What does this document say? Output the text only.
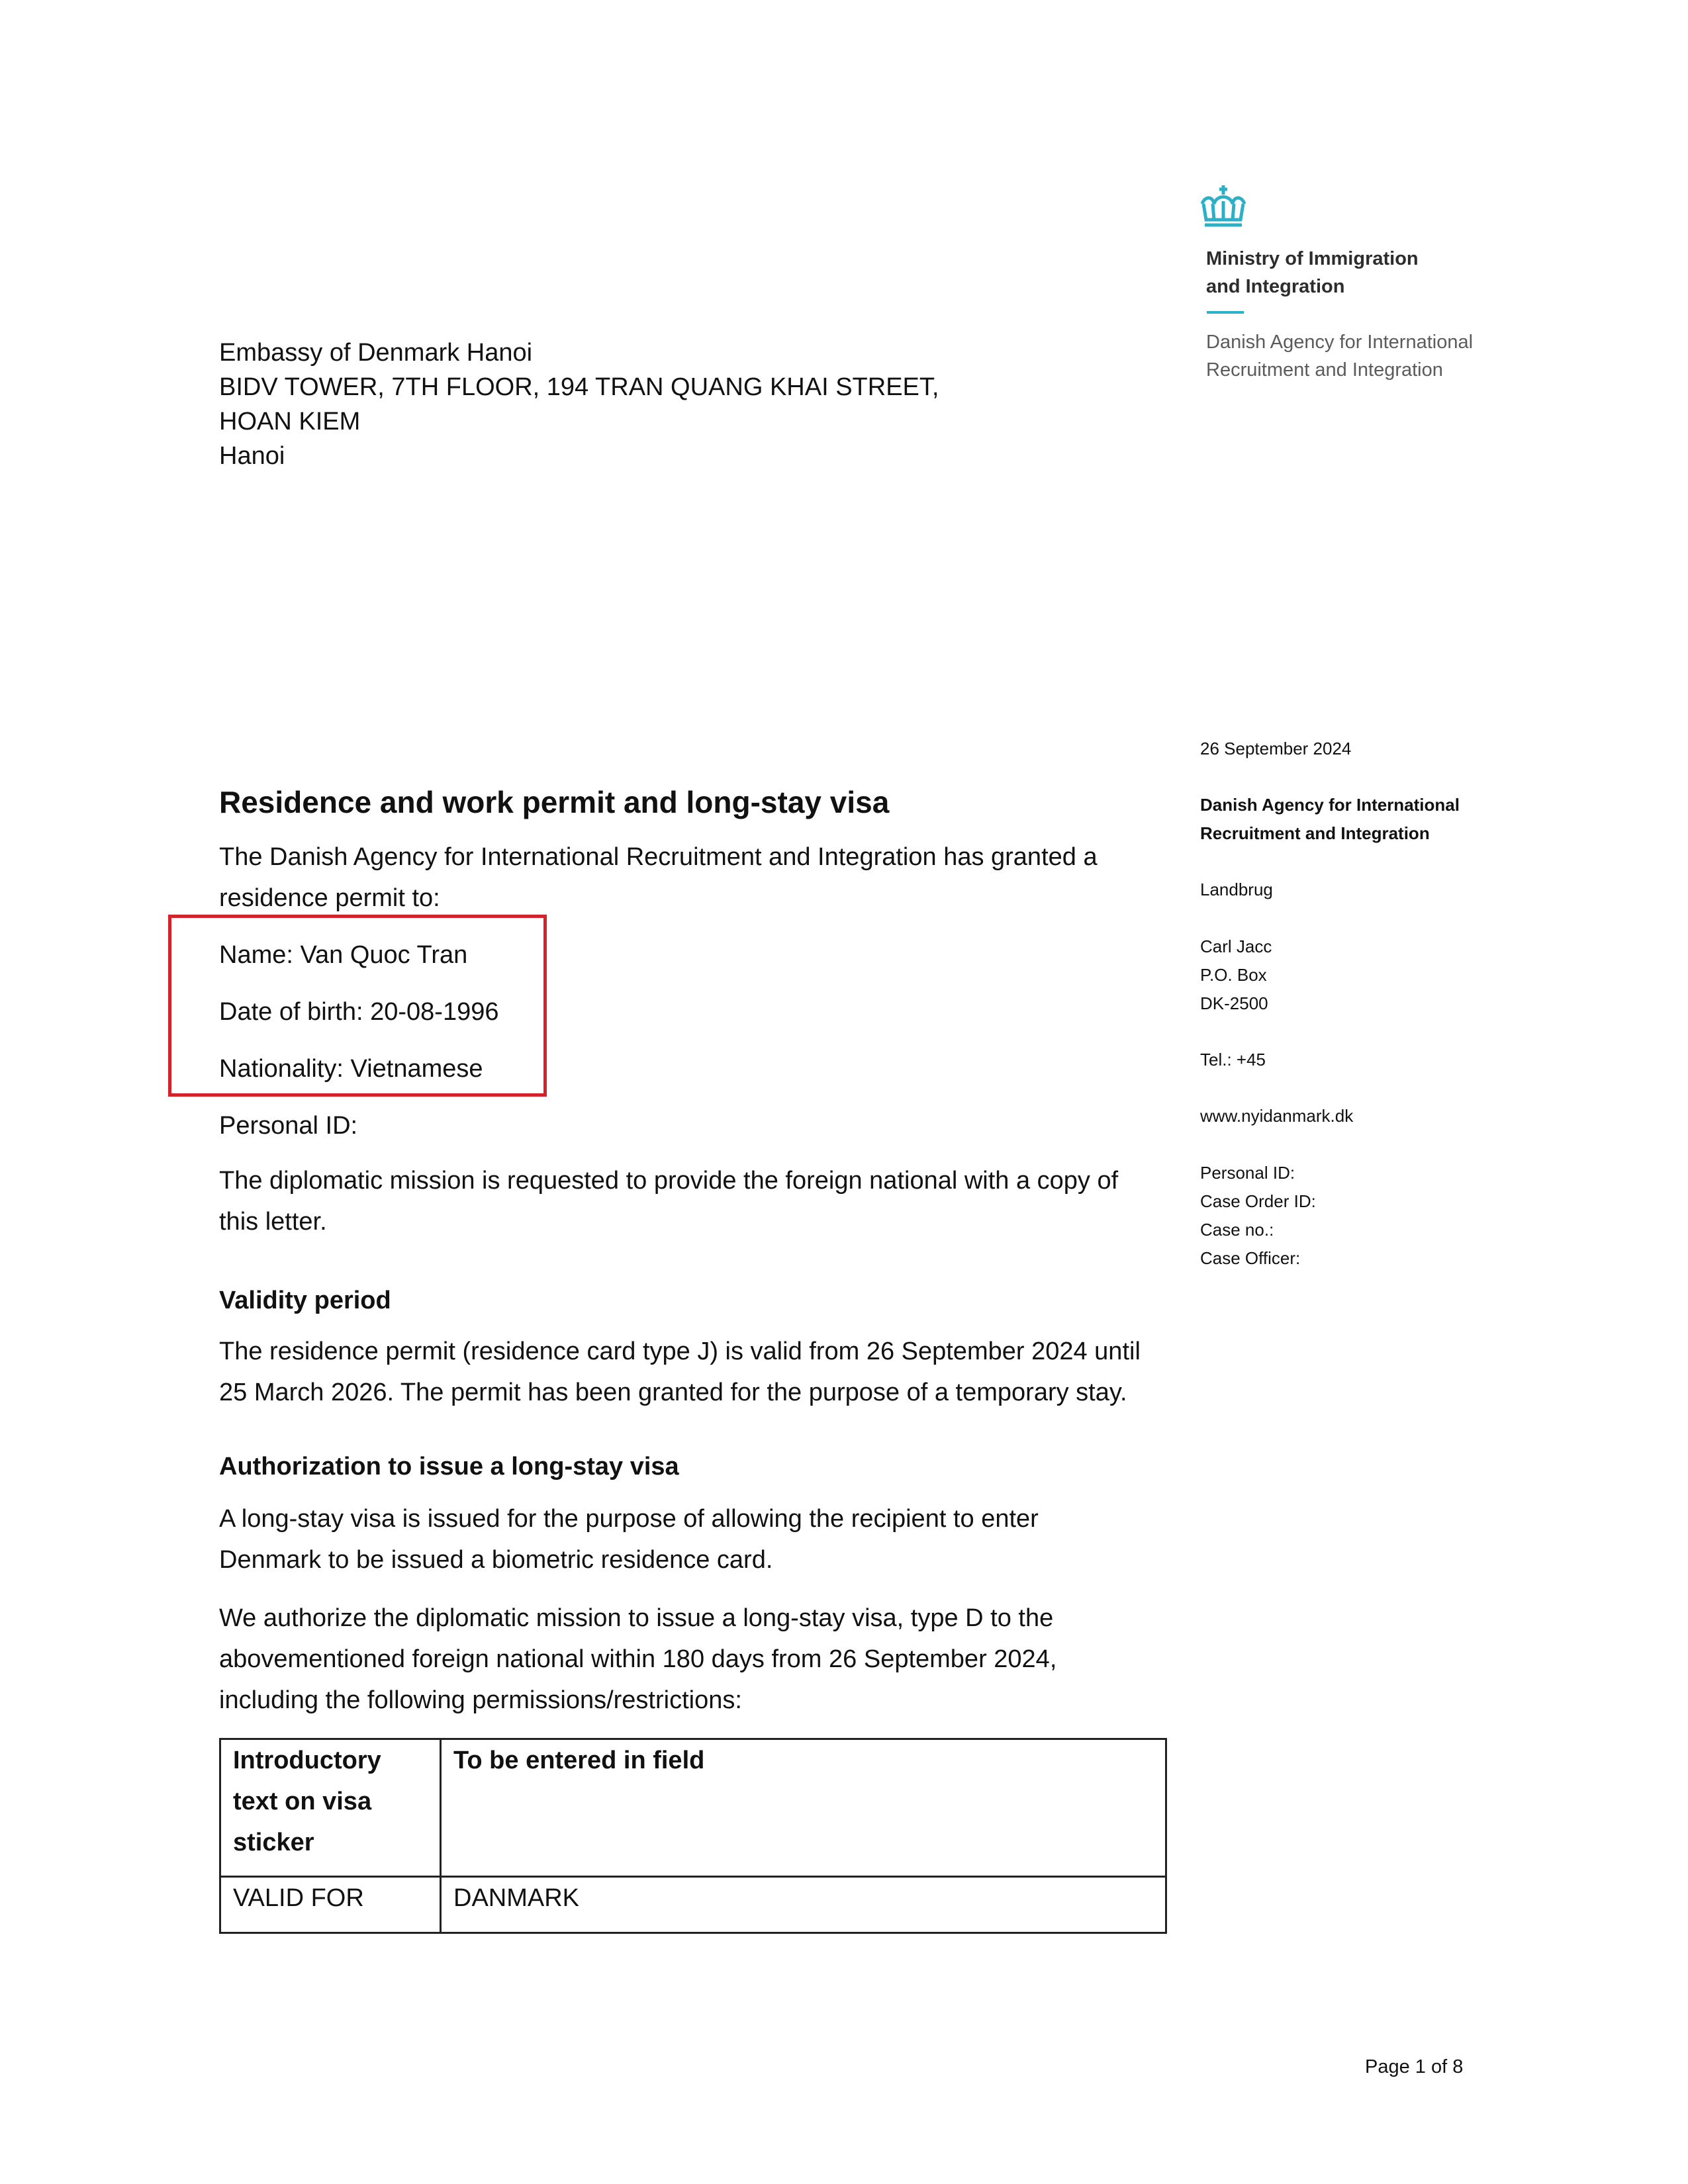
Ministry of Immigration
and Integration
Danish Agency for International
Recruitment and Integration
Embassy of Denmark Hanoi
BIDV TOWER, 7TH FLOOR, 194 TRAN QUANG KHAI STREET,
HOAN KIEM
Hanoi
26 September 2024
Danish Agency for International
Recruitment and Integration
Landbrug
Carl Jacc
P.O. Box
DK-2500
Tel.: +45
www.nyidanmark.dk
Personal ID:
Case Order ID:
Case no.:
Case Officer:
Residence and work permit and long-stay visa
The Danish Agency for International Recruitment and Integration has granted a
residence permit to:
Name: Van Quoc Tran
Date of birth: 20-08-1996
Nationality: Vietnamese
Personal ID:
The diplomatic mission is requested to provide the foreign national with a copy of
this letter.
Validity period
The residence permit (residence card type J) is valid from 26 September 2024 until
25 March 2026. The permit has been granted for the purpose of a temporary stay.
Authorization to issue a long-stay visa
A long-stay visa is issued for the purpose of allowing the recipient to enter
Denmark to be issued a biometric residence card.
We authorize the diplomatic mission to issue a long-stay visa, type D to the
abovementioned foreign national within 180 days from 26 September 2024,
including the following permissions/restrictions:
Introductory
text on visa
sticker	To be entered in field
VALID FOR	DANMARK
Page 1 of 8
